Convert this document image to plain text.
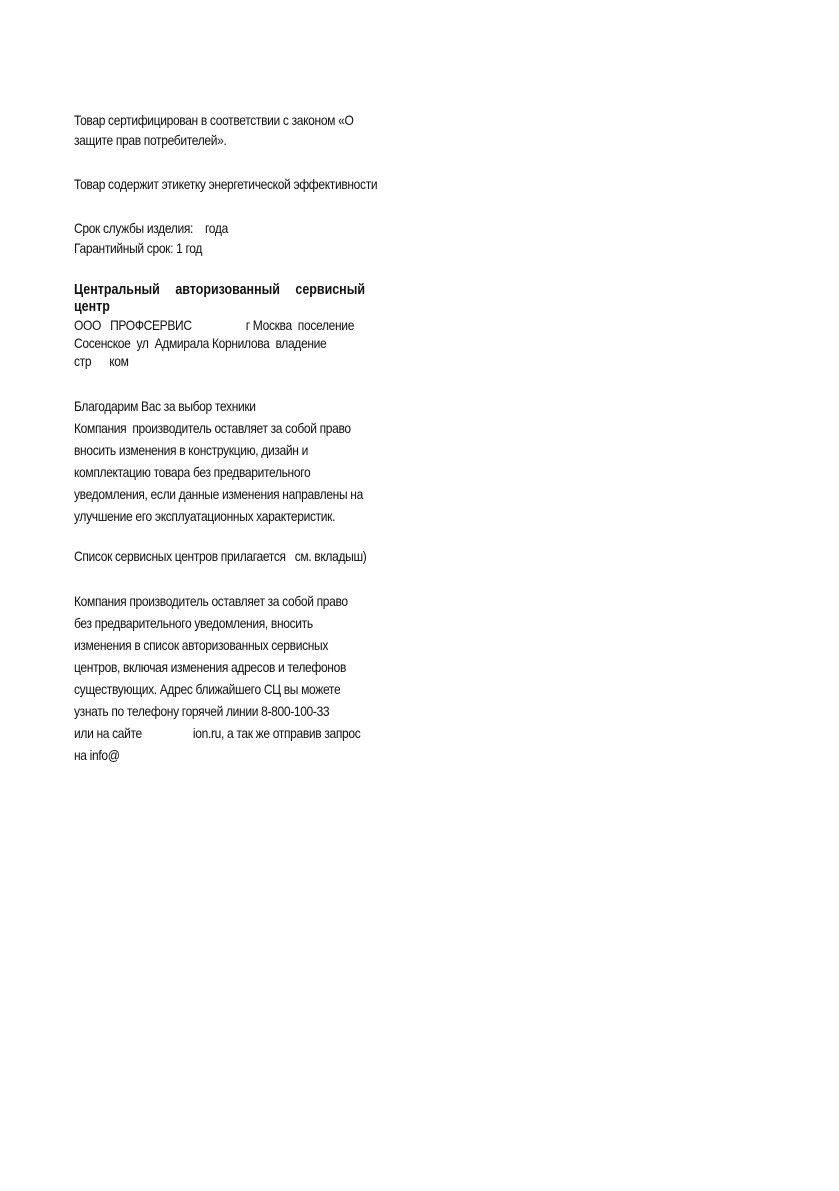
Товар сертифицирован в соответствии с законом «О
защите прав потребителей».
Товар содержит этикетку энергетической эффективности
Срок службы изделия:    года
Гарантийный срок: 1 год
Центральный авторизованный сервисный
центр
ООО   ПРОФСЕРВИС                  г Москва  поселение
Сосенское  ул  Адмирала Корнилова  владение
стр      ком
Благодарим Вас за выбор техники
Компания  производитель оставляет за собой право
вносить изменения в конструкцию, дизайн и
комплектацию товара без предварительного
уведомления, если данные изменения направлены на
улучшение его эксплуатационных характеристик.
Список сервисных центров прилагается   см. вкладыш)
Компания производитель оставляет за собой право
без предварительного уведомления, вносить
изменения в список авторизованных сервисных
центров, включая изменения адресов и телефонов
существующих. Адрес ближайшего СЦ вы можете
узнать по телефону горячей линии 8-800-100-33
или на сайте                 ion.ru, а так же отправив запрос
на info@
